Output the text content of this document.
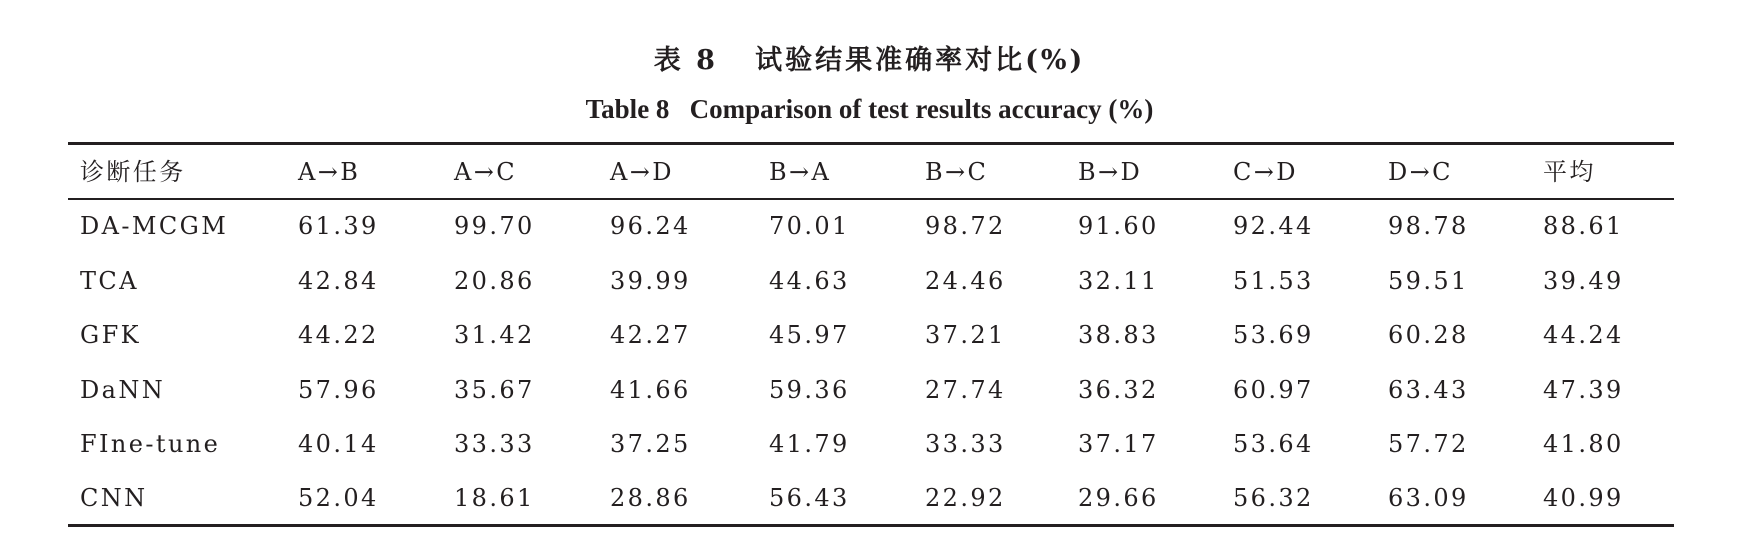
表 8   试验结果准确率对比(%)
Table 8   Comparison of test results accuracy (%)
诊断任务	A→B	A→C	A→D	B→A	B→C	B→D	C→D	D→C	平均
DA-MCGM	61.39	99.70	96.24	70.01	98.72	91.60	92.44	98.78	88.61
TCA	42.84	20.86	39.99	44.63	24.46	32.11	51.53	59.51	39.49
GFK	44.22	31.42	42.27	45.97	37.21	38.83	53.69	60.28	44.24
DaNN	57.96	35.67	41.66	59.36	27.74	36.32	60.97	63.43	47.39
FIne-tune	40.14	33.33	37.25	41.79	33.33	37.17	53.64	57.72	41.80
CNN	52.04	18.61	28.86	56.43	22.92	29.66	56.32	63.09	40.99
